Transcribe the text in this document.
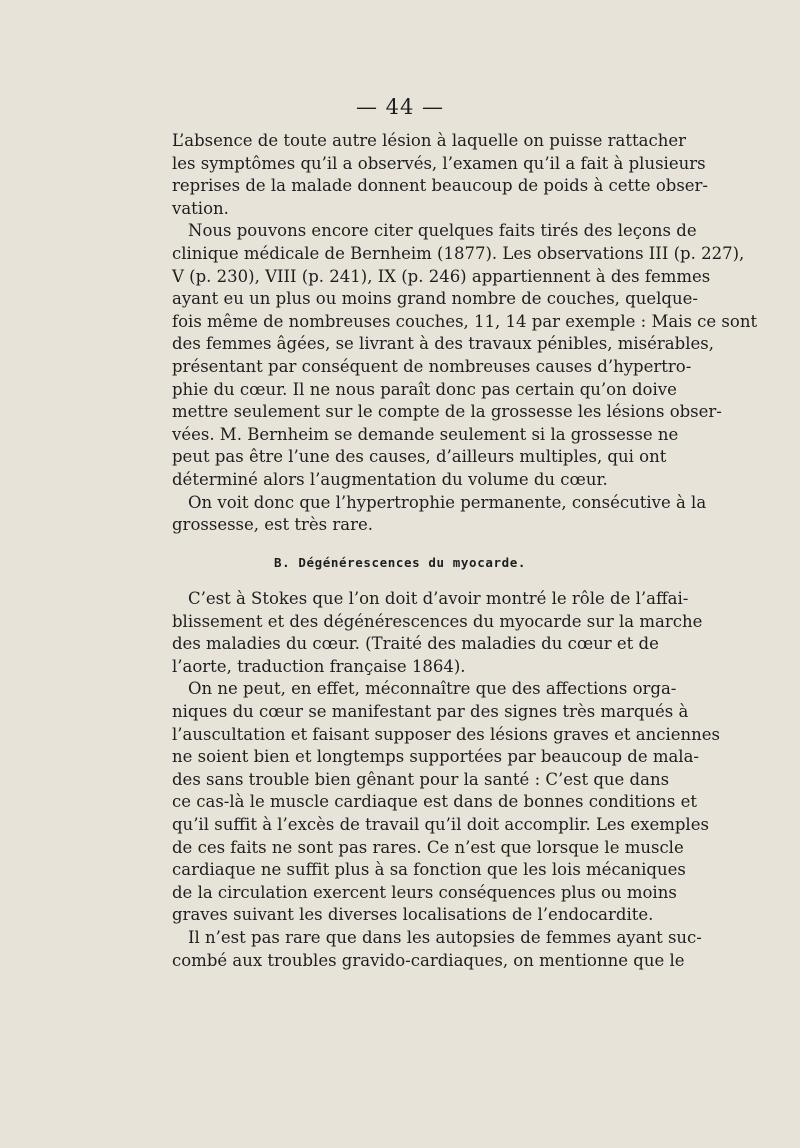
— 44 —
L’absence de toute autre lésion à laquelle on puisse rattacher
les symptômes qu’il a observés, l’examen qu’il a fait à plusieurs
reprises de la malade donnent beaucoup de poids à cette obser-
vation.
Nous pouvons encore citer quelques faits tirés des leçons de
clinique médicale de Bernheim (1877). Les observations III (p. 227),
V (p. 230), VIII (p. 241), IX (p. 246) appartiennent à des femmes
ayant eu un plus ou moins grand nombre de couches, quelque-
fois même de nombreuses couches, 11, 14 par exemple : Mais ce sont
des femmes âgées, se livrant à des travaux pénibles, misérables,
présentant par conséquent de nombreuses causes d’hypertro-
phie du cœur. Il ne nous paraît donc pas certain qu’on doive
mettre seulement sur le compte de la grossesse les lésions obser-
vées. M. Bernheim se demande seulement si la grossesse ne
peut pas être l’une des causes, d’ailleurs multiples, qui ont
déterminé alors l’augmentation du volume du cœur.
On voit donc que l’hypertrophie permanente, consécutive à la
grossesse, est très rare.
B. Dégénérescences du myocarde.
C’est à Stokes que l’on doit d’avoir montré le rôle de l’affai-
blissement et des dégénérescences du myocarde sur la marche
des maladies du cœur. (Traité des maladies du cœur et de
l’aorte, traduction française 1864).
On ne peut, en effet, méconnaître que des affections orga-
niques du cœur se manifestant par des signes très marqués à
l’auscultation et faisant supposer des lésions graves et anciennes
ne soient bien et longtemps supportées par beaucoup de mala-
des sans trouble bien gênant pour la santé : C’est que dans
ce cas-là le muscle cardiaque est dans de bonnes conditions et
qu’il suffit à l’excès de travail qu’il doit accomplir. Les exemples
de ces faits ne sont pas rares. Ce n’est que lorsque le muscle
cardiaque ne suffit plus à sa fonction que les lois mécaniques
de la circulation exercent leurs conséquences plus ou moins
graves suivant les diverses localisations de l’endocardite.
Il n’est pas rare que dans les autopsies de femmes ayant suc-
combé aux troubles gravido-cardiaques, on mentionne que le
